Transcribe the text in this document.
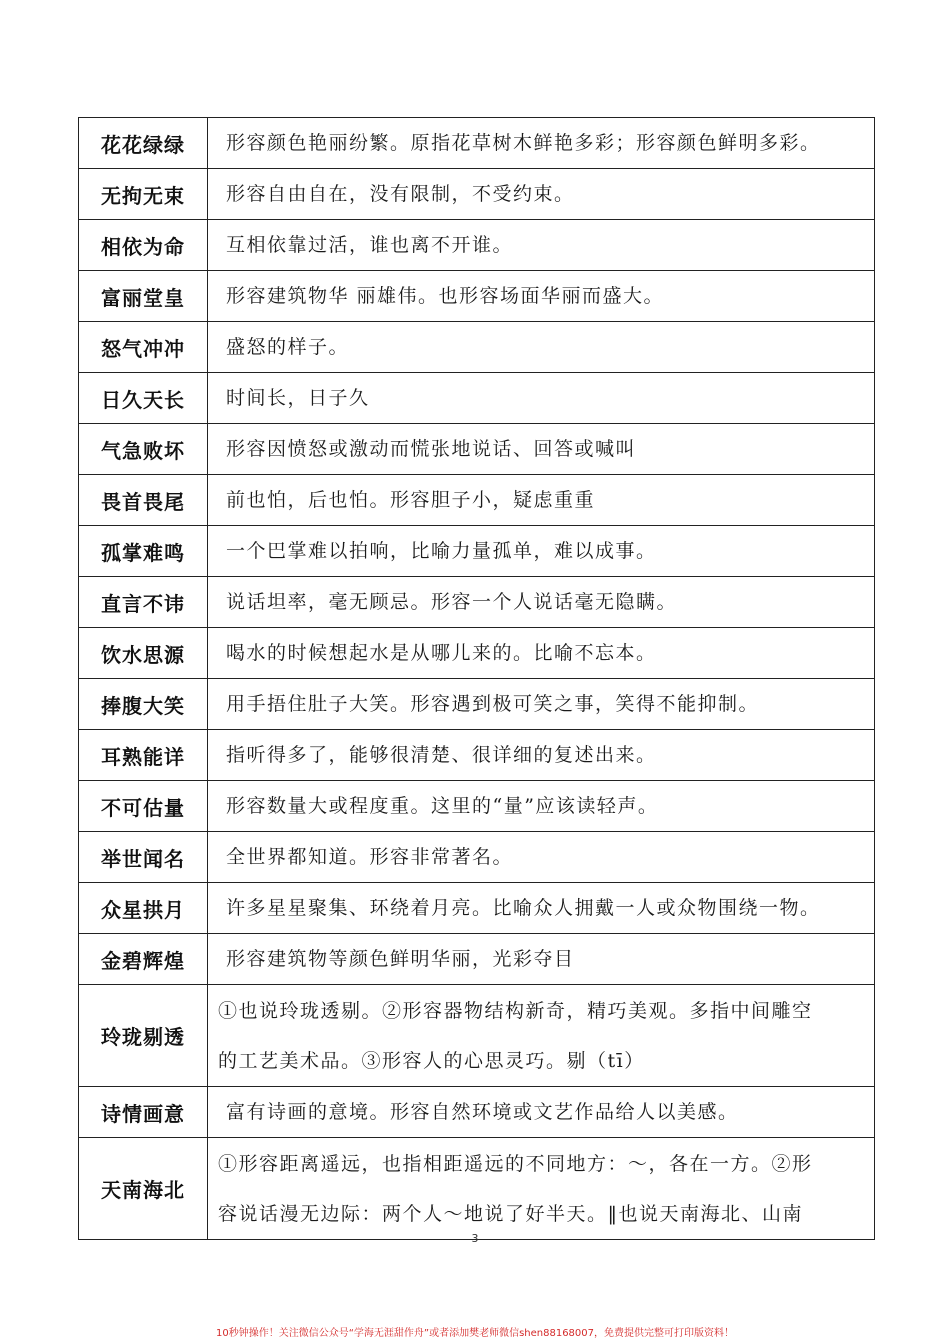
花花绿绿	形容颜色艳丽纷繁。原指花草树木鲜艳多彩；形容颜色鲜明多彩。
无拘无束	形容自由自在，没有限制，不受约束。
相依为命	互相依靠过活，谁也离不开谁。
富丽堂皇	形容建筑物华 丽雄伟。也形容场面华丽而盛大。
怒气冲冲	盛怒的样子。
日久天长	时间长，日子久
气急败坏	形容因愤怒或激动而慌张地说话、回答或喊叫
畏首畏尾	前也怕，后也怕。形容胆子小，疑虑重重
孤掌难鸣	一个巴掌难以拍响，比喻力量孤单，难以成事。
直言不讳	说话坦率，毫无顾忌。形容一个人说话毫无隐瞒。
饮水思源	喝水的时候想起水是从哪儿来的。比喻不忘本。
捧腹大笑	用手捂住肚子大笑。形容遇到极可笑之事，笑得不能抑制。
耳熟能详	指听得多了，能够很清楚、很详细的复述出来。
不可估量	形容数量大或程度重。这里的“量”应该读轻声。
举世闻名	全世界都知道。形容非常著名。
众星拱月	许多星星聚集、环绕着月亮。比喻众人拥戴一人或众物围绕一物。
金碧辉煌	形容建筑物等颜色鲜明华丽，光彩夺目
玲珑剔透	①也说玲珑透剔。②形容器物结构新奇，精巧美观。多指中间雕空
的工艺美术品。③形容人的心思灵巧。剔（tī）

诗情画意	富有诗画的意境。形容自然环境或文艺作品给人以美感。
天南海北	①形容距离遥远，也指相距遥远的不同地方：～，各在一方。②形
容说话漫无边际：两个人～地说了好半天。‖也说天南海北、山南
3
10秒钟操作！关注微信公众号“学海无涯甜作舟”或者添加樊老师微信shen88168007，免费提供完整可打印版资料！
